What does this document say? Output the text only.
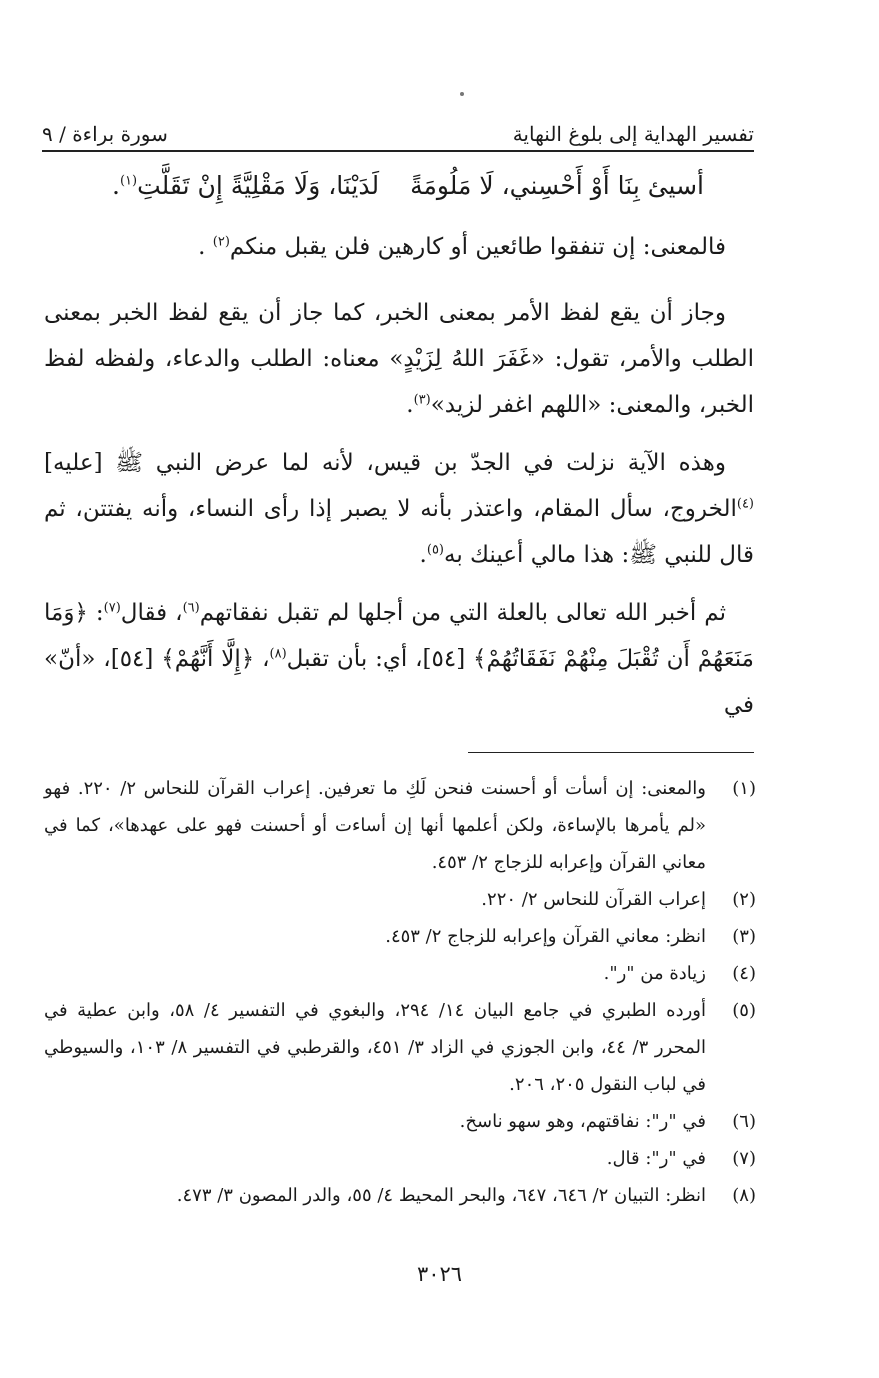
تفسير الهداية إلى بلوغ النهاية
سورة براءة / ٩
أسيئ بِنَا أَوْ أَحْسِني، لَا مَلُومَةً
لَدَيْنَا، وَلَا مَقْلِيَّةً إِنْ تَقَلَّتِ$^{(١)}$.

فالمعنى: إن تنفقوا طائعين أو كارهين فلن يقبل منكم$^{(٢)}$ .

وجاز أن يقع لفظ الأمر بمعنى الخبر، كما جاز أن يقع لفظ الخبر بمعنى الطلب والأمر، تقول: «غَفَرَ اللهُ لِزَيْدٍ» معناه: الطلب والدعاء، ولفظه لفظ الخبر، والمعنى: «اللهم اغفر لزيد»$^{(٣)}$.

وهذه الآية نزلت في الجدّ بن قيس، لأنه لما عرض النبي ﷺ [عليه]$^{(٤)}$الخروج، سأل المقام، واعتذر بأنه لا يصبر إذا رأى النساء، وأنه يفتتن، ثم قال للنبي ﷺ: هذا مالي أعينك به$^{(٥)}$.

ثم أخبر الله تعالى بالعلة التي من أجلها لم تقبل نفقاتهم$^{(٦)}$، فقال$^{(٧)}$: ﴿وَمَا مَنَعَهُمْ أَن تُقْبَلَ مِنْهُمْ نَفَقَاتُهُمْ﴾ [٥٤]، أي: بأن تقبل$^{(٨)}$، ﴿إِلَّا أَنَّهُمْ﴾ [٥٤]، «أنّ» في

(١)
والمعنى: إن أسأت أو أحسنت فنحن لَكِ ما تعرفين. إعراب القرآن للنحاس ٢/ ٢٢٠. فهو «لم يأمرها بالإساءة، ولكن أعلمها أنها إن أساءت أو أحسنت فهو على عهدها»، كما في معاني القرآن وإعرابه للزجاج ٢/ ٤٥٣.
(٢)
إعراب القرآن للنحاس ٢/ ٢٢٠.
(٣)
انظر: معاني القرآن وإعرابه للزجاج ٢/ ٤٥٣.
(٤)
زيادة من "ر".
(٥)
أورده الطبري في جامع البيان ١٤/ ٢٩٤، والبغوي في التفسير ٤/ ٥٨، وابن عطية في المحرر ٣/ ٤٤، وابن الجوزي في الزاد ٣/ ٤٥١، والقرطبي في التفسير ٨/ ١٠٣، والسيوطي في لباب النقول ٢٠٥، ٢٠٦.
(٦)
في "ر": نفاقتهم، وهو سهو ناسخ.
(٧)
في "ر": قال.
(٨)
انظر: التبيان ٢/ ٦٤٦، ٦٤٧، والبحر المحيط ٤/ ٥٥، والدر المصون ٣/ ٤٧٣.
٣٠٢٦
